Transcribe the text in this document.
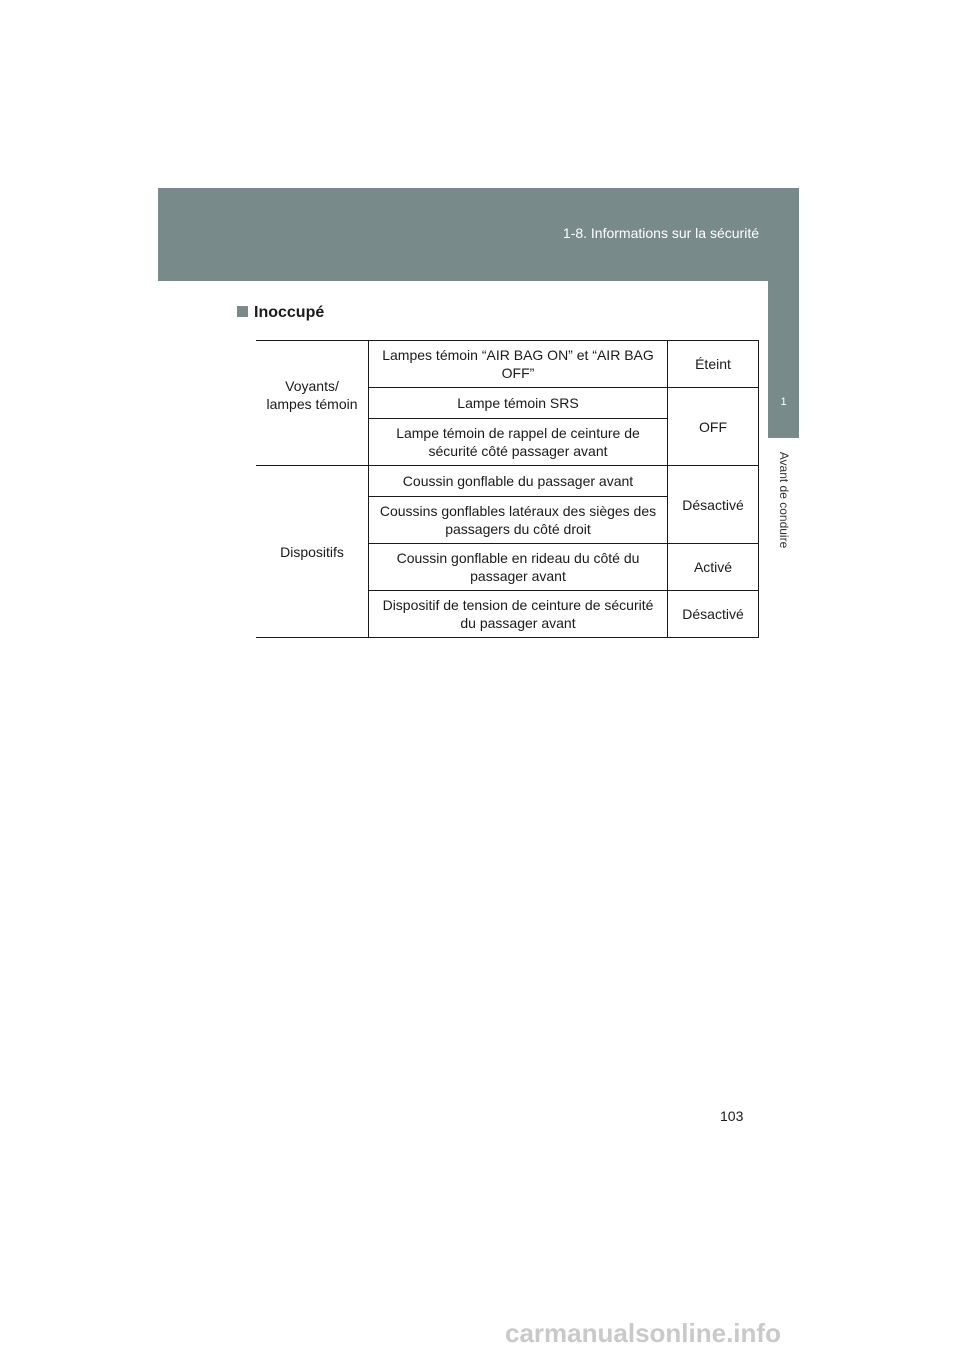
1-8. Informations sur la sécurité
1
Avant de conduire
Inoccupé
Voyants/ lampes témoin	Lampes témoin “AIR BAG ON” et “AIR BAG OFF”	Éteint
	Lampe témoin SRS	OFF
	Lampe témoin de rappel de ceinture de sécurité côté passager avant	
Dispositifs	Coussin gonflable du passager avant	Désactivé
	Coussins gonflables latéraux des sièges des passagers du côté droit	
	Coussin gonflable en rideau du côté du passager avant	Activé
	Dispositif de tension de ceinture de sécurité du passager avant	Désactivé
103
carmanualsonline.info
